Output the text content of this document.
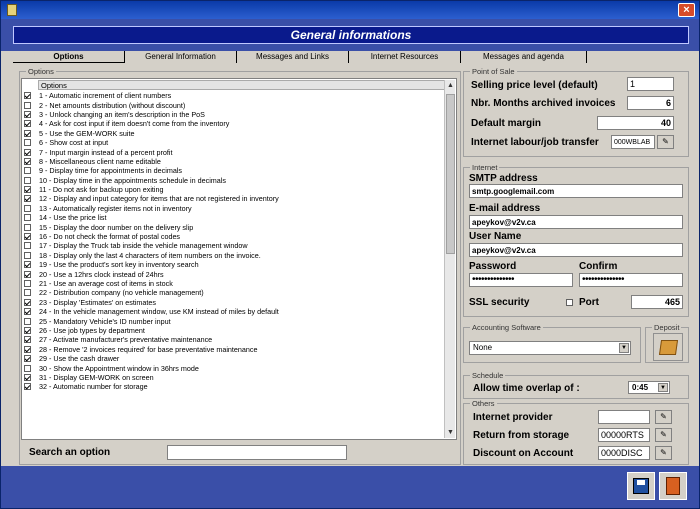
×
General informations
Options	General Information	Messages and Links	Internet Resources	Messages and agenda
Options
Options
1 - Automatic increment of client numbers
2 - Net amounts distribution (without discount)
3 - Unlock changing an item's description in the PoS
4 - Ask for cost input if item doesn't come from the inventory
5 - Use the GEM-WORK suite
6 - Show cost at input
7 - Input margin instead of a percent profit
8 - Miscellaneous client name editable
9 - Display time for appointments in decimals
10 - Display time in the appointments schedule in decimals
11 - Do not ask for backup upon exiting
12 - Display and input category for items that are not registered in inventory
13 - Automatically register items not in inventory
14 - Use the price list
15 - Display the door number on the delivery slip
16 - Do not check the format of postal codes
17 - Display the Truck tab inside the vehicle management window
18 - Display only the last 4 characters of item numbers on the invoice.
19 - Use the product's sort key in inventory search
20 - Use a 12hrs clock instead of 24hrs
21 - Use an average cost of items in stock
22 - Distribution company (no vehicle management)
23 - Display 'Estimates' on estimates
24 - In the vehicle management window, use KM instead of miles by default
25 - Mandatory Vehicle's ID number input
26 - Use job types by department
27 - Activate manufacturer's preventative maintenance
28 - Remove '2 invoices required' for base preventative maintenance
29 - Use the cash drawer
30 - Show the Appointment window in 36hrs mode
31 - Display GEM-WORK on screen
32 - Automatic number for storage
▲
▼
Search an option
Point of Sale
Selling price level (default)	1
Nbr. Months archived invoices	6
Default margin	40
Internet labour/job transfer	000WBLAB	✎
Internet
SMTP address
smtp.googlemail.com
E-mail address
apeykov@v2v.ca
User Name
apeykov@v2v.ca
Password
••••••••••••••
Confirm
••••••••••••••
SSL security	Port	465
Accounting Software
None	▼
Deposit
Schedule
Allow time overlap of :	0:45	▼
Others
Internet provider	✎
Return from storage	00000RTS	✎
Discount on Account	0000DISC	✎
